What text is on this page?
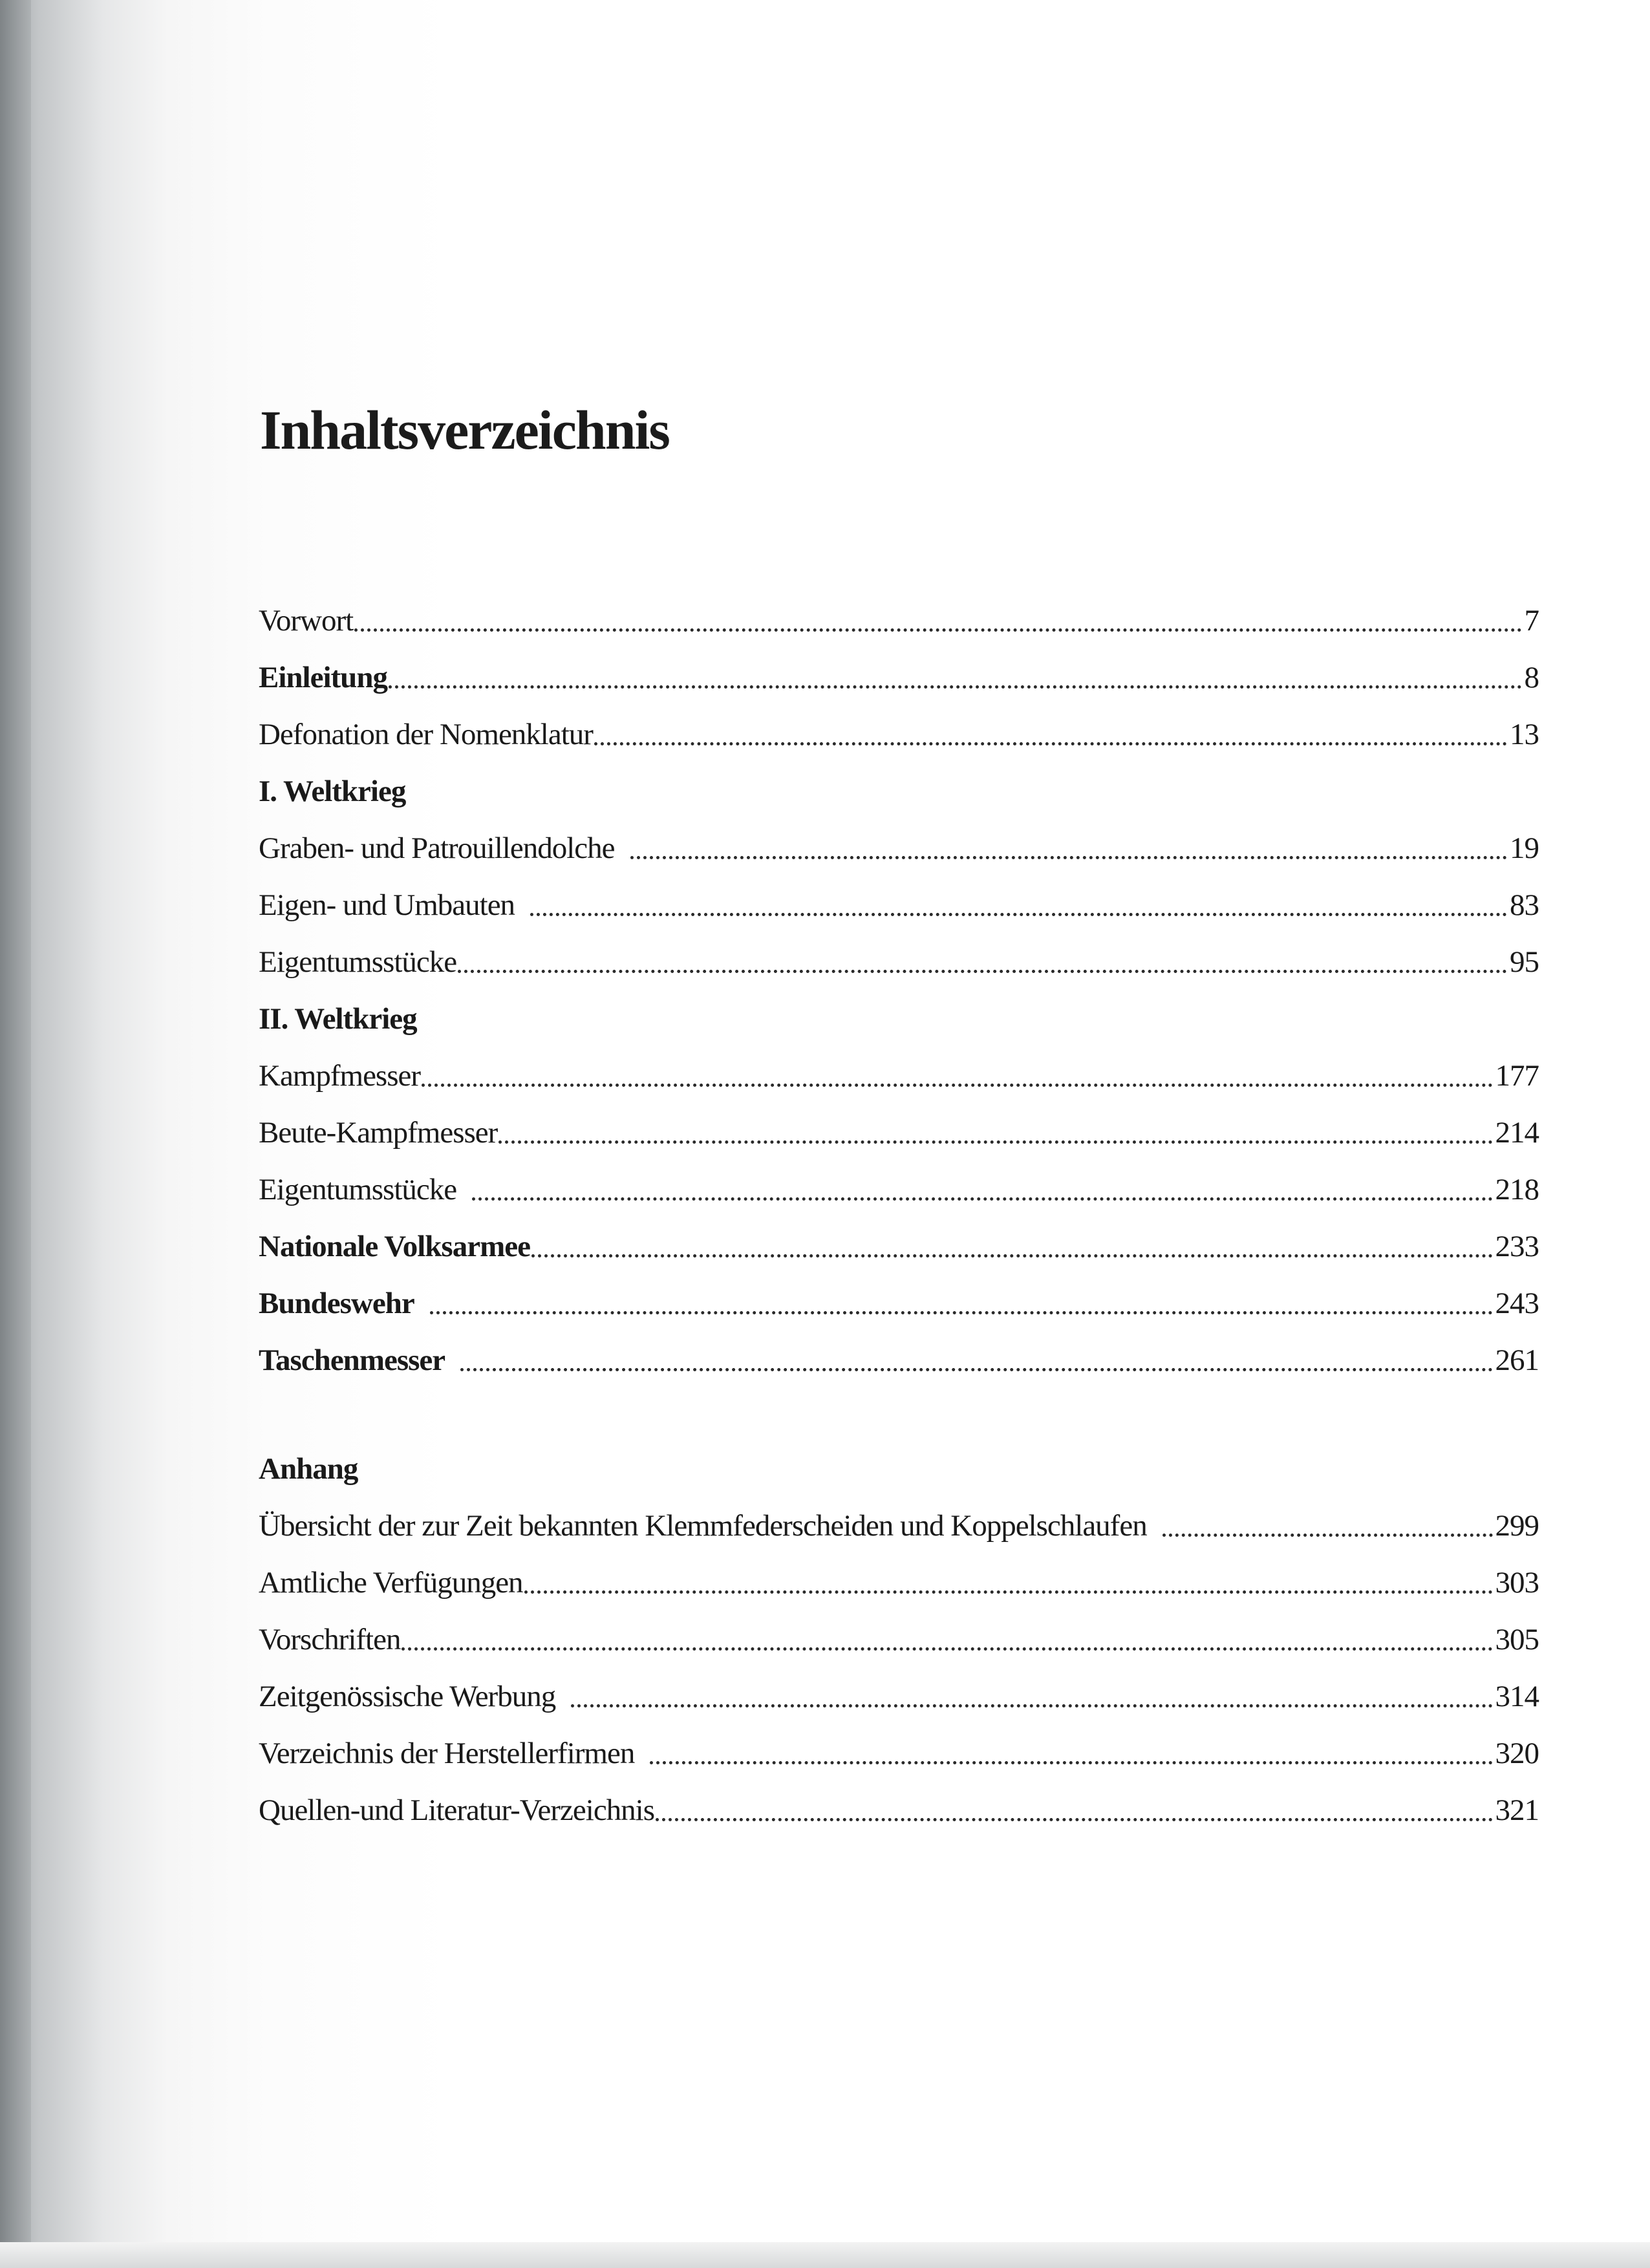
Inhaltsverzeichnis
Vorwort	7
Einleitung	8
Defonation der Nomenklatur	13
I. Weltkrieg
Graben- und Patrouillendolche	19
Eigen- und Umbauten	83
Eigentumsstücke	95
II. Weltkrieg
Kampfmesser	177
Beute-Kampfmesser	214
Eigentumsstücke	218
Nationale Volksarmee	233
Bundeswehr	243
Taschenmesser	261
Anhang
Übersicht der zur Zeit bekannten Klemmfederscheiden und Koppelschlaufen	299
Amtliche Verfügungen	303
Vorschriften	305
Zeitgenössische Werbung	314
Verzeichnis der Herstellerfirmen	320
Quellen-und Literatur-Verzeichnis	321
